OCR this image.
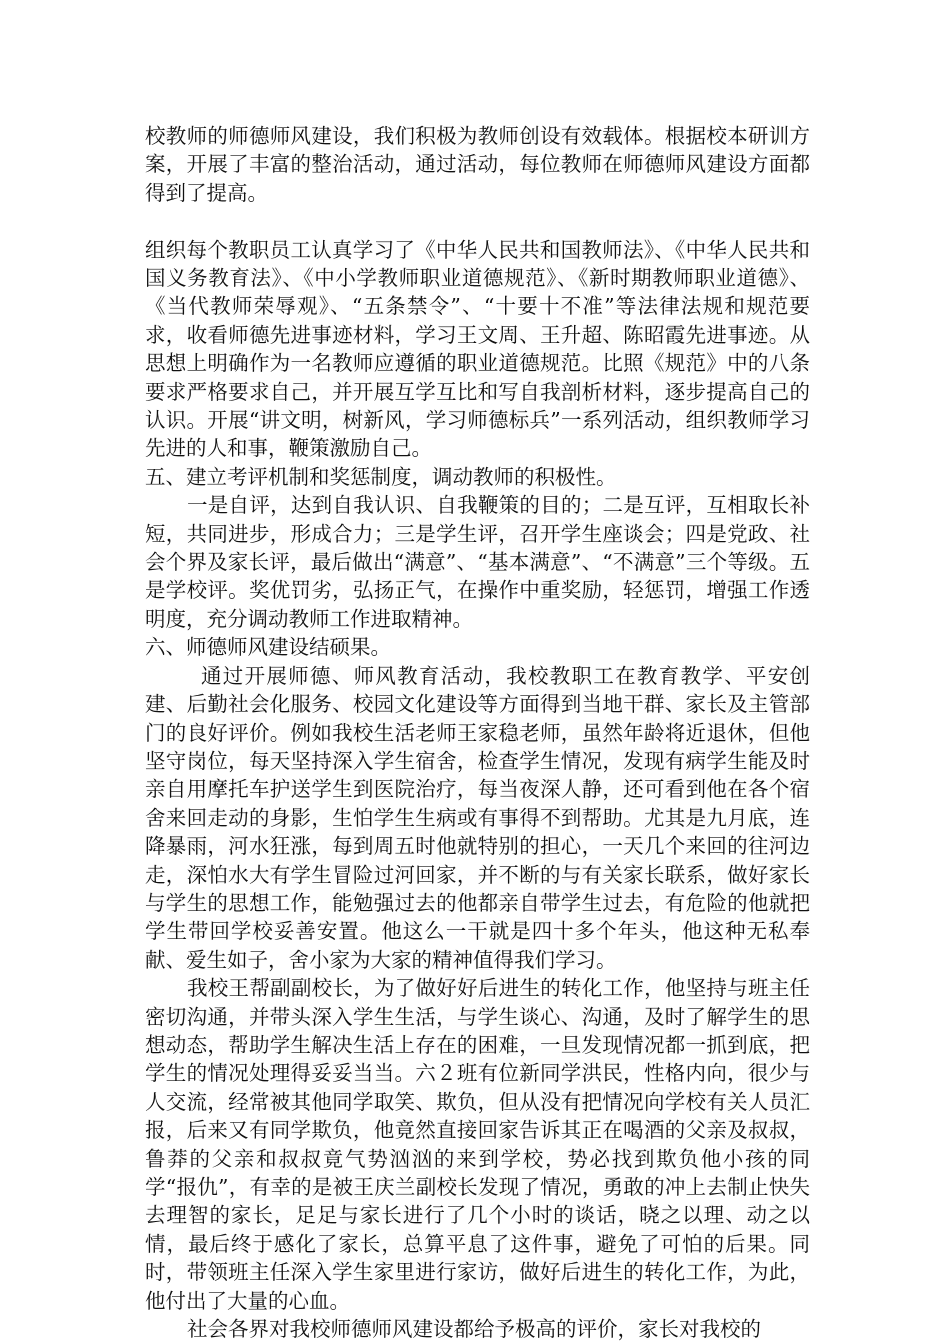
校教师的师德师风建设，我们积极为教师创设有效载体。根据校本研训方案，开展了丰富的整治活动，通过活动，每位教师在师德师风建设方面都得到了提高。

组织每个教职员工认真学习了《中华人民共和国教师法》、《中华人民共和国义务教育法》、《中小学教师职业道德规范》、《新时期教师职业道德》、《当代教师荣辱观》、“五条禁令”、“十要十不准”等法律法规和规范要求，收看师德先进事迹材料，学习王文周、王升超、陈昭霞先进事迹。从思想上明确作为一名教师应遵循的职业道德规范。比照《规范》中的八条要求严格要求自己，并开展互学互比和写自我剖析材料，逐步提高自己的认识。开展“讲文明，树新风，学习师德标兵”一系列活动，组织教师学习先进的人和事，鞭策激励自己。

五、建立考评机制和奖惩制度，调动教师的积极性。

一是自评，达到自我认识、自我鞭策的目的；二是互评，互相取长补短，共同进步，形成合力；三是学生评，召开学生座谈会；四是党政、社会个界及家长评，最后做出“满意”、“基本满意”、“不满意”三个等级。五是学校评。奖优罚劣，弘扬正气，在操作中重奖励，轻惩罚，增强工作透明度，充分调动教师工作进取精神。

六、师德师风建设结硕果。

通过开展师德、师风教育活动，我校教职工在教育教学、平安创建、后勤社会化服务、校园文化建设等方面得到当地干群、家长及主管部门的良好评价。例如我校生活老师王家稳老师，虽然年龄将近退休，但他坚守岗位，每天坚持深入学生宿舍，检查学生情况，发现有病学生能及时亲自用摩托车护送学生到医院治疗，每当夜深人静，还可看到他在各个宿舍来回走动的身影，生怕学生生病或有事得不到帮助。尤其是九月底，连降暴雨，河水狂涨，每到周五时他就特别的担心，一天几个来回的往河边走，深怕水大有学生冒险过河回家，并不断的与有关家长联系，做好家长与学生的思想工作，能勉强过去的他都亲自带学生过去，有危险的他就把学生带回学校妥善安置。他这么一干就是四十多个年头，他这种无私奉献、爱生如子，舍小家为大家的精神值得我们学习。

我校王帮副副校长，为了做好好后进生的转化工作，他坚持与班主任密切沟通，并带头深入学生生活，与学生谈心、沟通，及时了解学生的思想动态，帮助学生解决生活上存在的困难，一旦发现情况都一抓到底，把学生的情况处理得妥妥当当。六２班有位新同学洪民，性格内向，很少与人交流，经常被其他同学取笑、欺负，但从没有把情况向学校有关人员汇报，后来又有同学欺负，他竟然直接回家告诉其正在喝酒的父亲及叔叔，鲁莽的父亲和叔叔竟气势汹汹的来到学校，势必找到欺负他小孩的同学“报仇”，有幸的是被王庆兰副校长发现了情况，勇敢的冲上去制止快失去理智的家长，足足与家长进行了几个小时的谈话，晓之以理、动之以情，最后终于感化了家长，总算平息了这件事，避免了可怕的后果。同时，带领班主任深入学生家里进行家访，做好后进生的转化工作，为此，他付出了大量的心血。

社会各界对我校师德师风建设都给予极高的评价，家长对我校的
